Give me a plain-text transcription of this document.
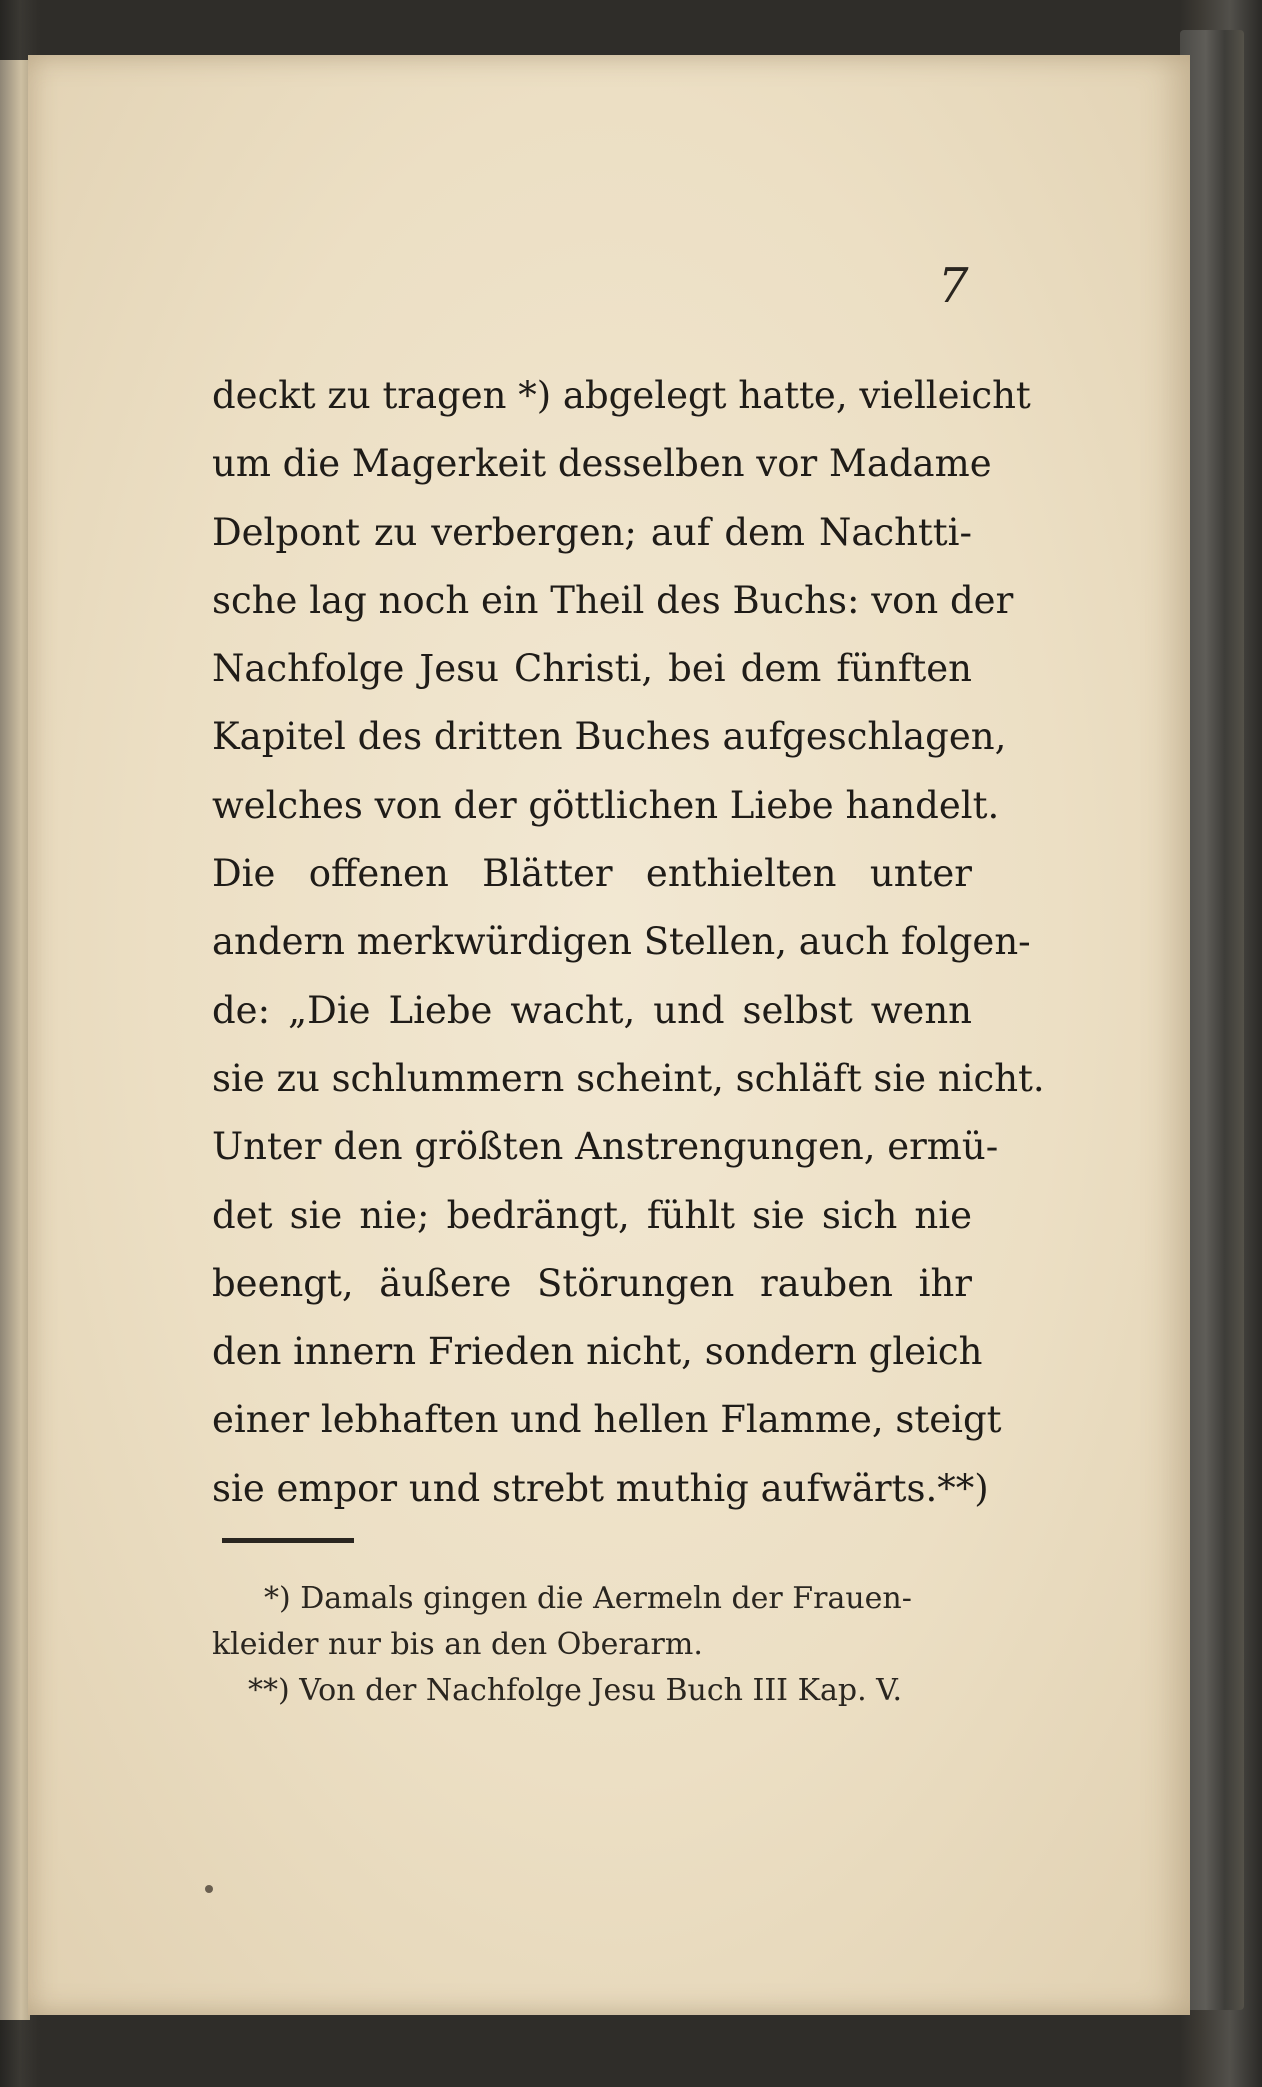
7
deckt zu tragen *) abgelegt hatte, vielleicht
um die Magerkeit desselben vor Madame
Delpont zu verbergen; auf dem Nachtti-
sche lag noch ein Theil des Buchs: von der
Nachfolge Jesu Christi, bei dem fünften
Kapitel des dritten Buches aufgeschlagen,
welches von der göttlichen Liebe handelt.
Die offenen Blätter enthielten unter
andern merkwürdigen Stellen, auch folgen-
de: „Die Liebe wacht, und selbst wenn
sie zu schlummern scheint, schläft sie nicht.
Unter den größten Anstrengungen, ermü-
det sie nie; bedrängt, fühlt sie sich nie
beengt, äußere Störungen rauben ihr
den innern Frieden nicht, sondern gleich
einer lebhaften und hellen Flamme, steigt
sie empor und strebt muthig aufwärts.**)
*) Damals gingen die Aermeln der Frauen-
kleider nur bis an den Oberarm.
**) Von der Nachfolge Jesu Buch III Kap. V.
